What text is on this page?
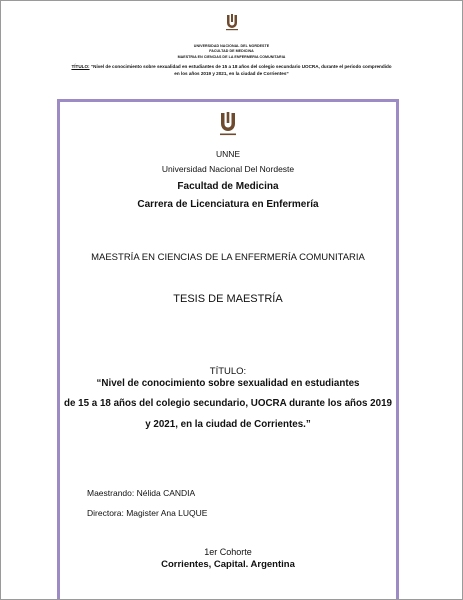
UNIVERSIDAD NACIONAL DEL NORDESTE
FACULTAD DE MEDICINA
MAESTRIA EN CIENCIAS DE LA ENFERMERIA COMUNITARIA
TÍTULO: “Nivel de conocimiento sobre sexualidad en estudiantes de 15 a 18 años del colegio secundario UOCRA, durante el periodo comprendido en los años 2019 y 2021, en la ciudad de Corrientes”
UNNE
Universidad Nacional Del Nordeste
Facultad de Medicina
Carrera de Licenciatura en Enfermería
MAESTRÍA EN CIENCIAS DE LA ENFERMERÍA COMUNITARIA
TESIS DE MAESTRÍA
TÍTULO:
“Nivel de conocimiento sobre sexualidad en estudiantes
de 15 a 18 años del colegio secundario, UOCRA durante los años 2019
y 2021, en la ciudad de Corrientes.”
Maestrando: Nélida CANDIA
Directora: Magister Ana LUQUE
1er Cohorte
Corrientes, Capital. Argentina
